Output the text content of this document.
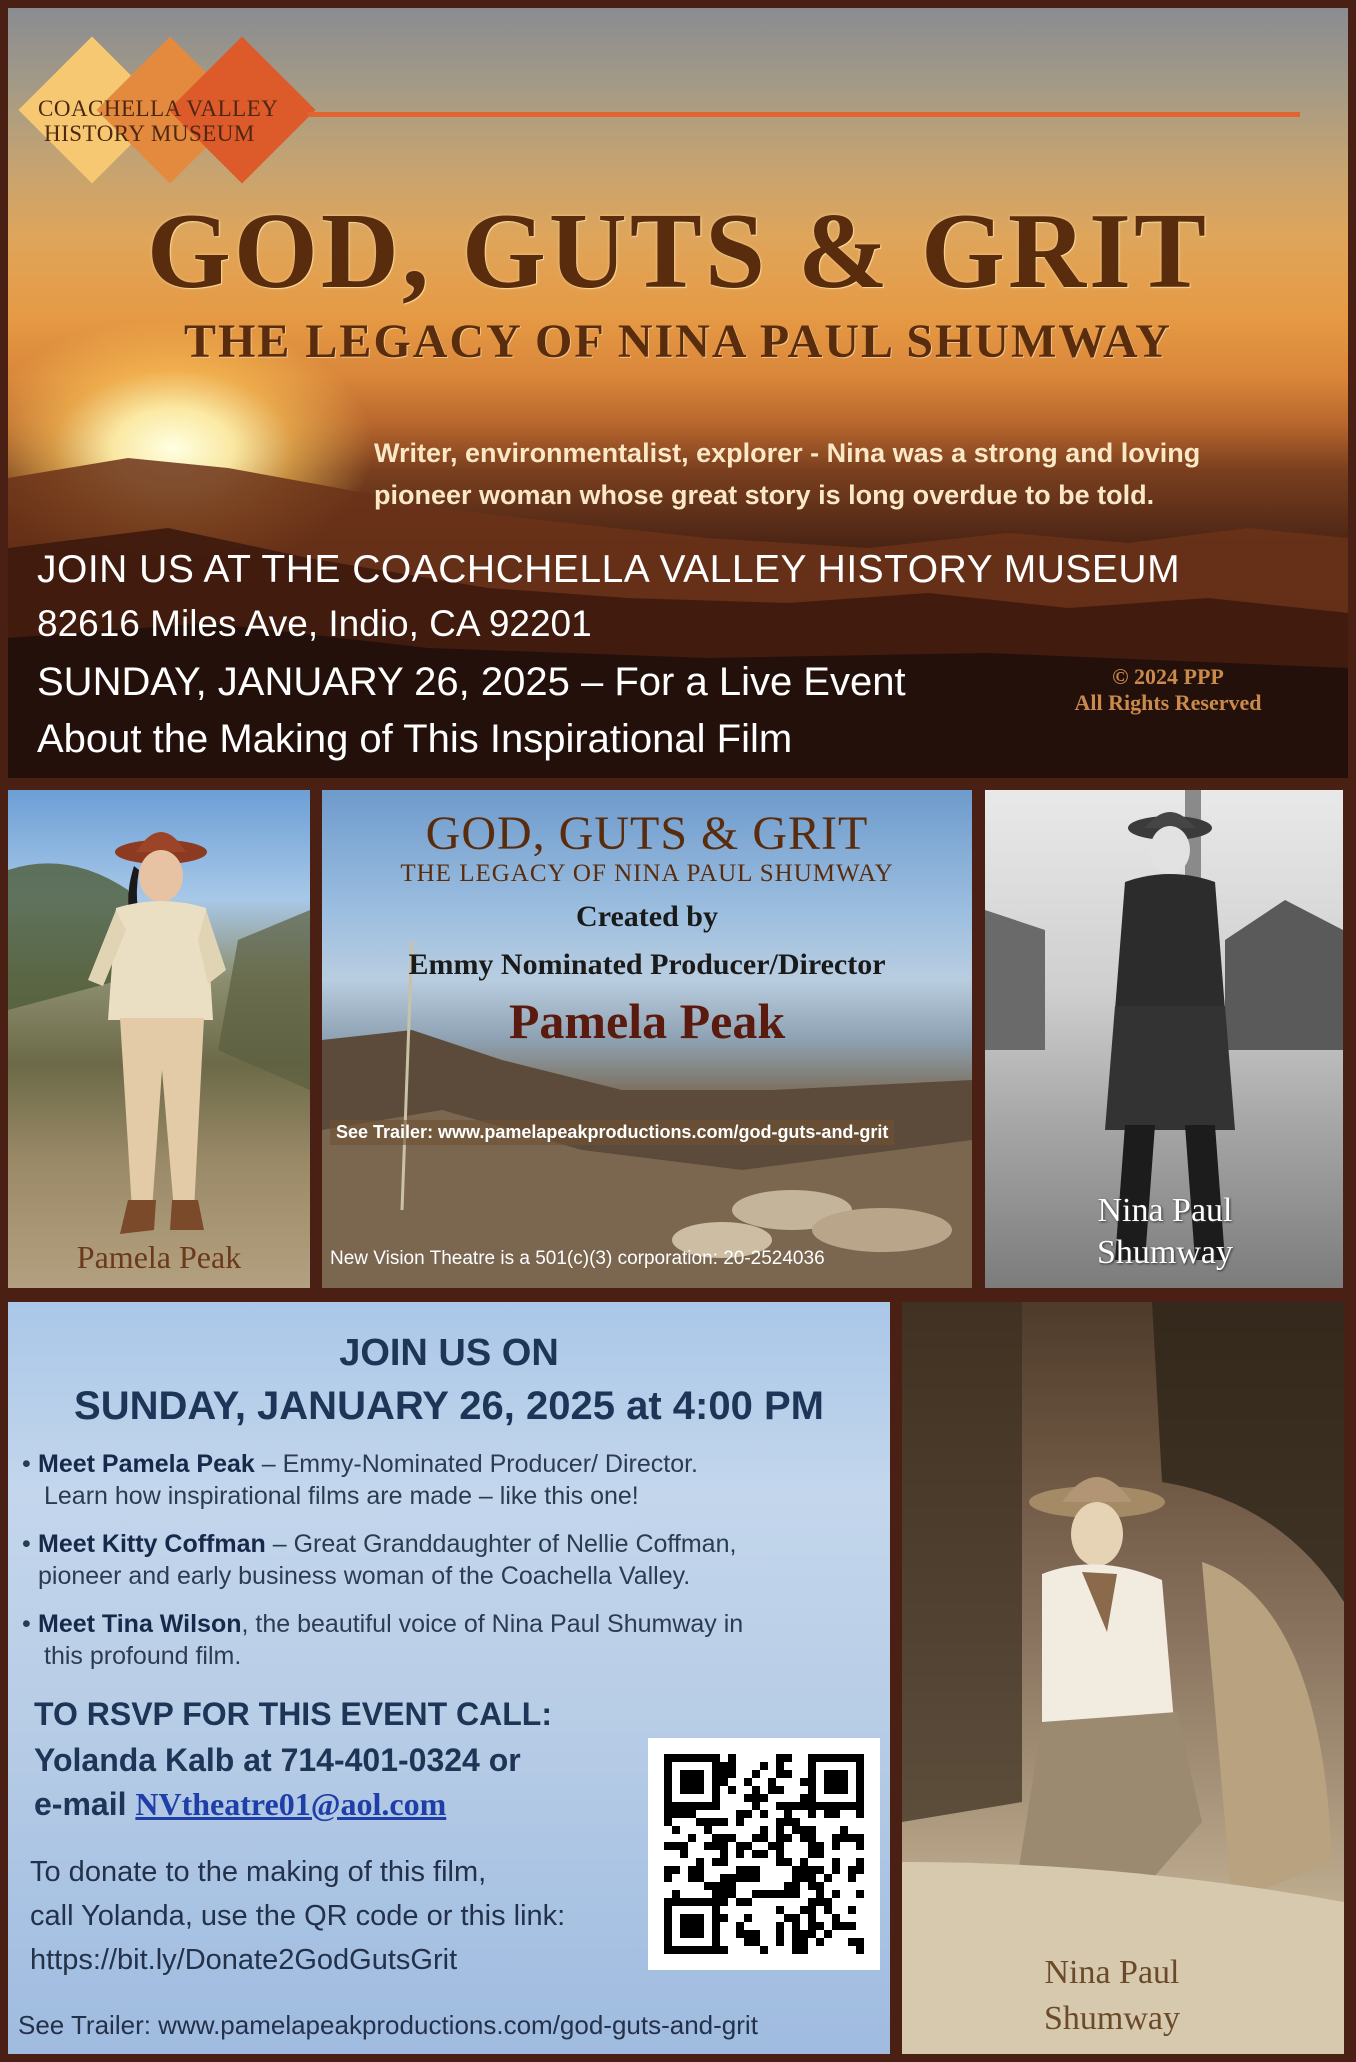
COACHELLA VALLEY
HISTORY MUSEUM
GOD, GUTS & GRIT
THE LEGACY OF NINA PAUL SHUMWAY
Writer, environmentalist, explorer - Nina was a strong and loving
pioneer woman whose great story is long overdue to be told.
JOIN US AT THE COACHCHELLA VALLEY HISTORY MUSEUM
82616 Miles Ave, Indio, CA 92201
SUNDAY, JANUARY 26, 2025 – For a Live Event
About the Making of This Inspirational Film
© 2024 PPP
All Rights Reserved
Pamela Peak
GOD, GUTS & GRIT
THE LEGACY OF NINA PAUL SHUMWAY
Created by
Emmy Nominated Producer/Director
Pamela Peak
See Trailer: www.pamelapeakproductions.com/god-guts-and-grit
New Vision Theatre is a 501(c)(3) corporation: 20-2524036
Nina Paul
Shumway
JOIN US ON
SUNDAY, JANUARY 26, 2025 at 4:00 PM
• Meet Pamela Peak – Emmy-Nominated Producer/ Director.
Learn how inspirational films are made – like this one!
• Meet Kitty Coffman – Great Granddaughter of Nellie Coffman,
pioneer and early business woman of the Coachella Valley.
• Meet Tina Wilson, the beautiful voice of Nina Paul Shumway in
this profound film.
TO RSVP FOR THIS EVENT CALL:
Yolanda Kalb at 714-401-0324 or
e-mail NVtheatre01@aol.com
To donate to the making of this film,
call Yolanda, use the QR code or this link:
https://bit.ly/Donate2GodGutsGrit
See Trailer: www.pamelapeakproductions.com/god-guts-and-grit
Nina Paul
Shumway
